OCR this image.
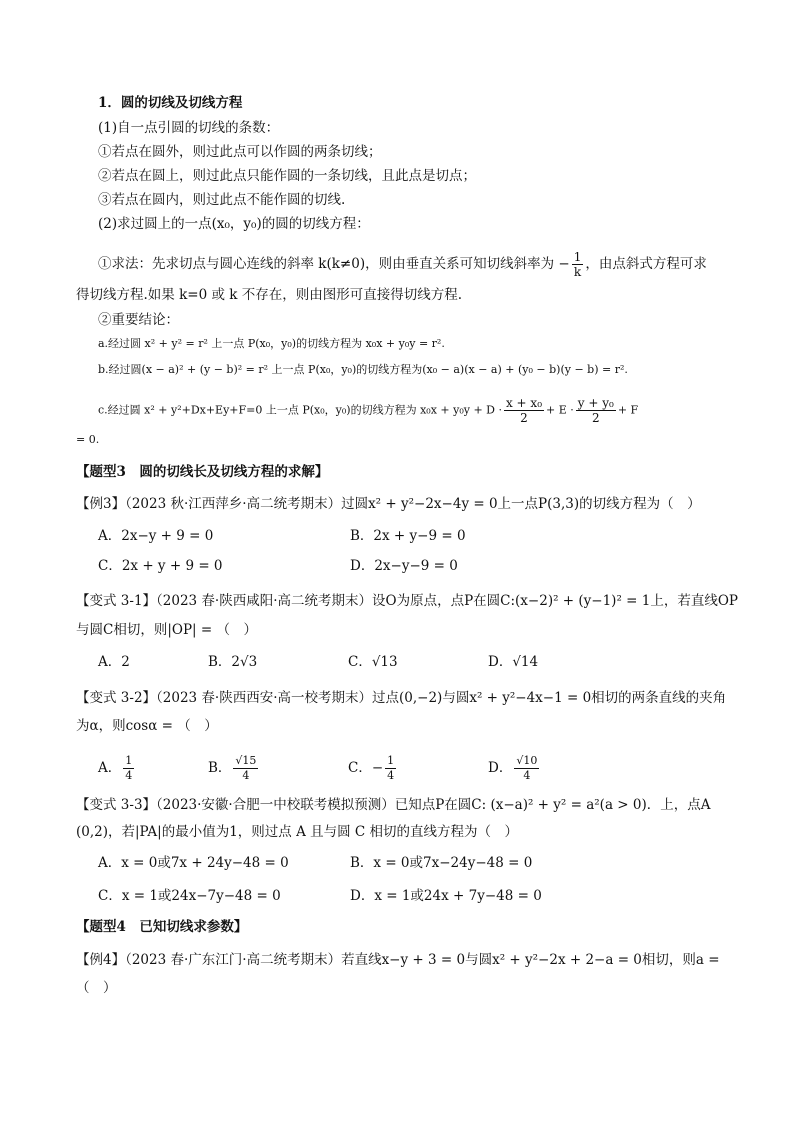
1．圆的切线及切线方程
(1)自一点引圆的切线的条数：
①若点在圆外，则过此点可以作圆的两条切线；
②若点在圆上，则过此点只能作圆的一条切线，且此点是切点；
③若点在圆内，则过此点不能作圆的切线.
(2)求过圆上的一点(x₀，y₀)的圆的切线方程：
①求法：先求切点与圆心连线的斜率 k(k≠0)，则由垂直关系可知切线斜率为 − $\frac{1}{k}$ ，由点斜式方程可求
得切线方程.如果 k=0 或 k 不存在，则由图形可直接得切线方程.
②重要结论：
a.经过圆 x² + y² = r² 上一点 P(x₀，y₀)的切线方程为 x₀x + y₀y = r².
b.经过圆(x − a)² + (y − b)² = r² 上一点 P(x₀，y₀)的切线方程为(x₀ − a)(x − a) + (y₀ − b)(y − b) = r².
c.经过圆 x² + y²+Dx+Ey+F=0 上一点 P(x₀，y₀)的切线方程为 $x_0x + y_0y + D \cdot \frac{\text{x + x₀}}{2} + E \cdot \frac{\text{y + y₀}}{2} + F$
= 0.
【题型3　圆的切线长及切线方程的求解】
【例3】（2023 秋·江西萍乡·高二统考期末）过圆x² + y²−2x−4y = 0上一点P(3,3)的切线方程为（　）
A．2x−y + 9 = 0	B．2x + y−9 = 0
C．2x + y + 9 = 0	D．2x−y−9 = 0
【变式 3-1】（2023 春·陕西咸阳·高二统考期末）设O为原点，点P在圆C:(x−2)² + (y−1)² = 1上，若直线OP
与圆C相切，则|OP| = （　）
A．2	B．2√3	C．√13	D．√14
【变式 3-2】（2023 春·陕西西安·高一校考期末）过点(0,−2)与圆x² + y²−4x−1 = 0相切的两条直线的夹角
为α，则cosα = （　）
A． $\frac{1}{4}$	B． $\frac{√15}{4}$	C．− $\frac{1}{4}$	D． $\frac{√10}{4}$
【变式 3-3】（2023·安徽·合肥一中校联考模拟预测）已知点P在圆C: (x−a)² + y² = a²(a > 0)．上，点A
(0,2)，若|PA|的最小值为1，则过点 A 且与圆 C 相切的直线方程为（　）
A．x = 0或7x + 24y−48 = 0	B．x = 0或7x−24y−48 = 0
C．x = 1或24x−7y−48 = 0	D．x = 1或24x + 7y−48 = 0
【题型4　已知切线求参数】
【例4】（2023 春·广东江门·高二统考期末）若直线x−y + 3 = 0与圆x² + y²−2x + 2−a = 0相切，则a =
（　）
